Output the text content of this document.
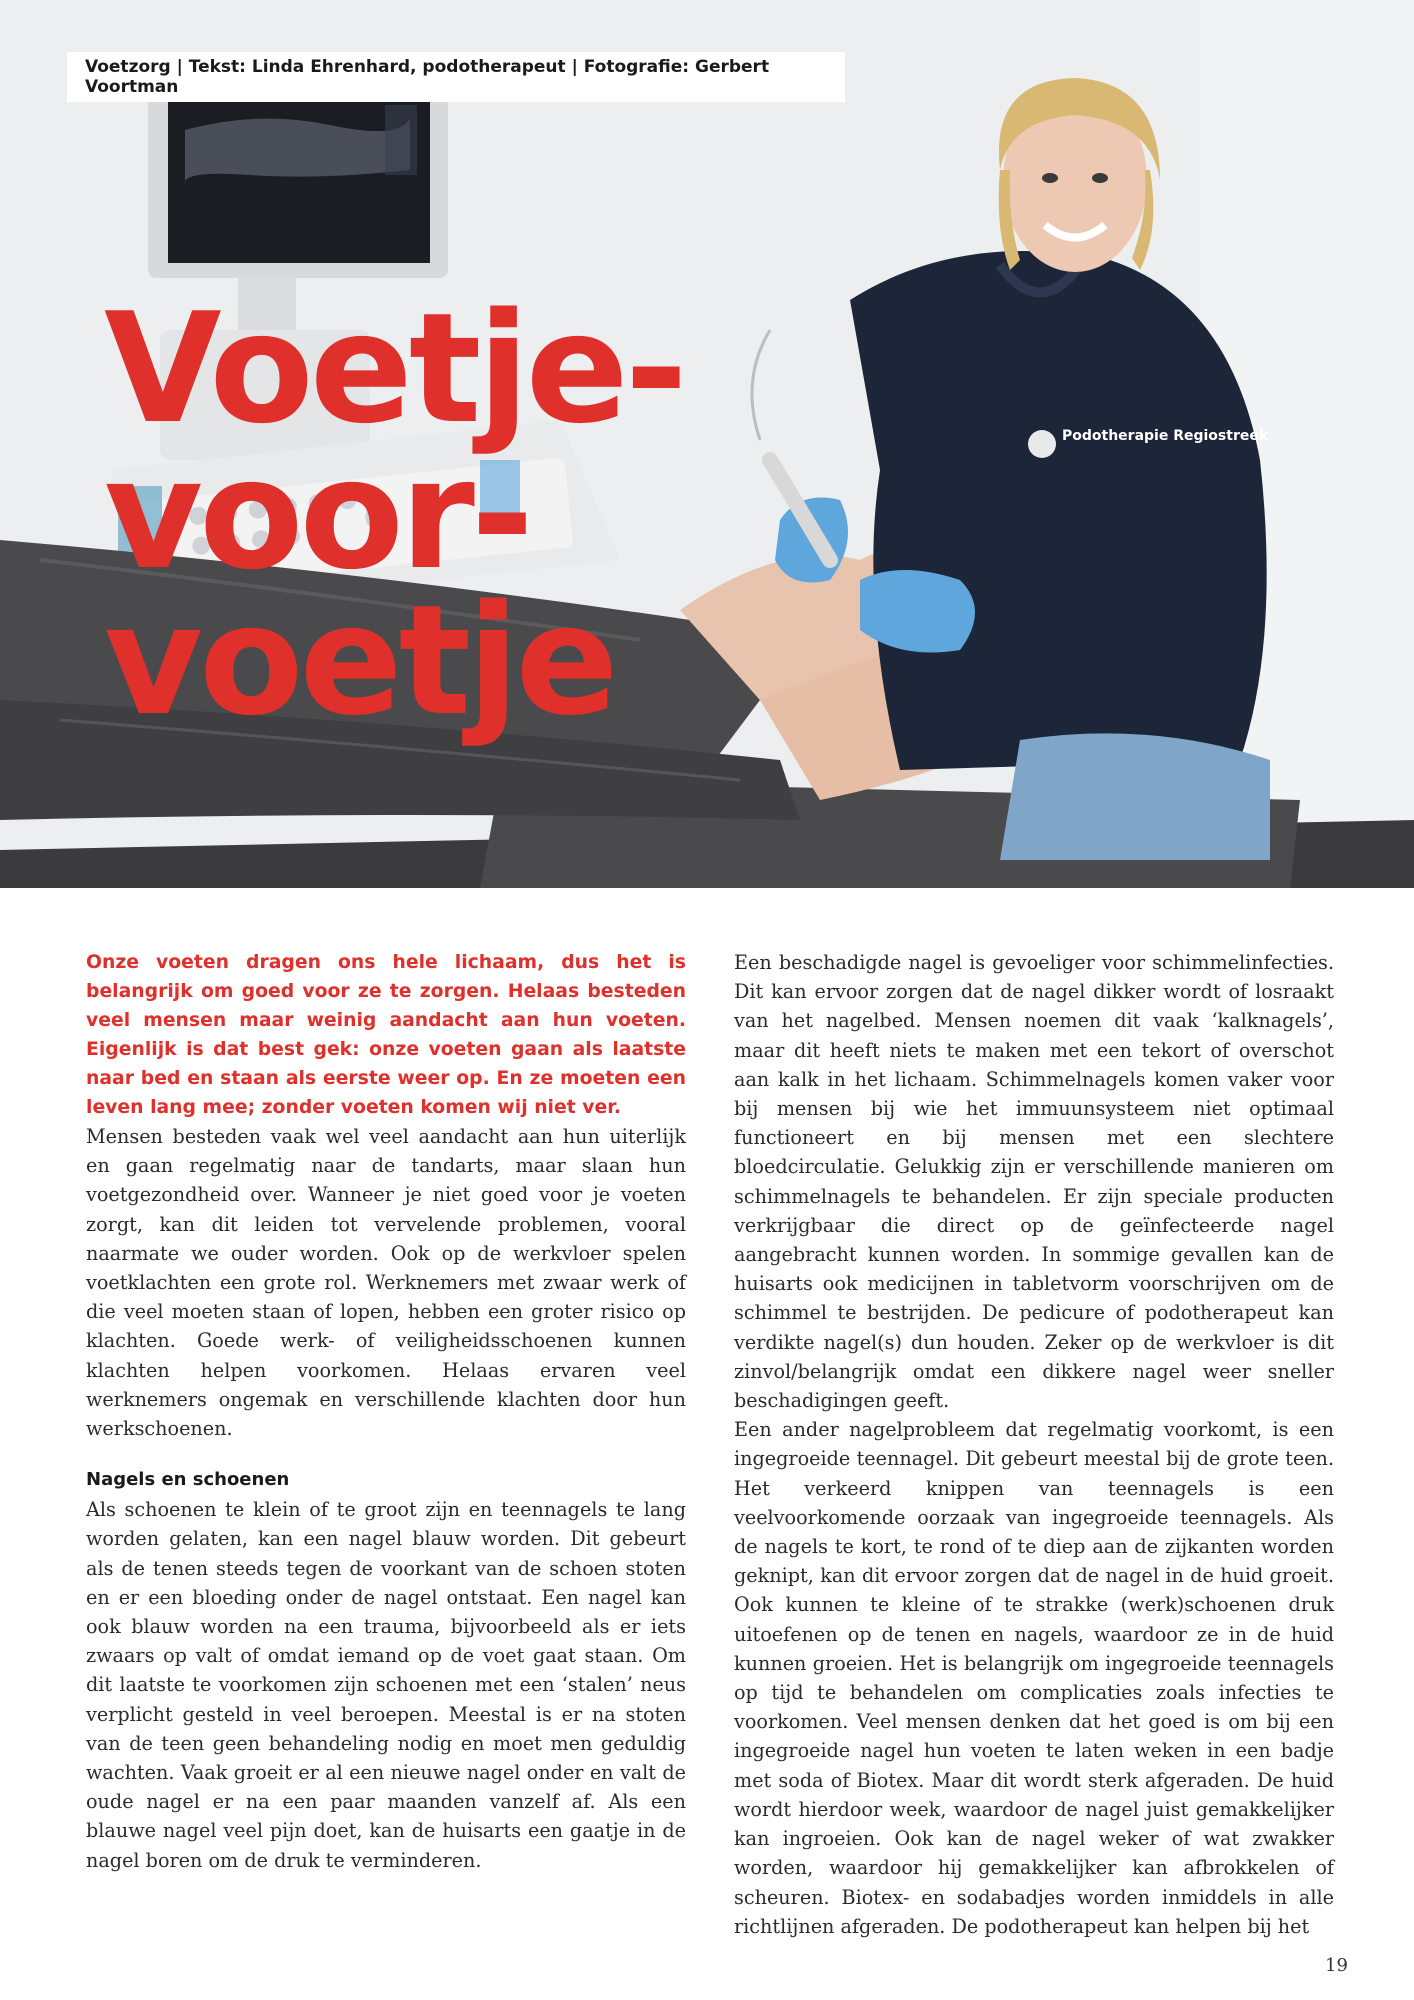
Podotherapie Regiostreek
Voetzorg | Tekst: Linda Ehrenhard, podotherapeut | Fotografie: Gerbert Voortman
Voetje-
voor-
voetje

Onze voeten dragen ons hele lichaam, dus het is belangrijk om goed voor ze te zorgen. Helaas besteden veel mensen maar weinig aandacht aan hun voeten. Eigenlijk is dat best gek: onze voeten gaan als laatste naar bed en staan als eerste weer op. En ze moeten een leven lang mee; zonder voeten komen wij niet ver.

Mensen besteden vaak wel veel aandacht aan hun uiterlijk en gaan regelmatig naar de tandarts, maar slaan hun voetgezondheid over. Wanneer je niet goed voor je voeten zorgt, kan dit leiden tot vervelende problemen, vooral naarmate we ouder worden. Ook op de werkvloer spelen voetklachten een grote rol. Werknemers met zwaar werk of die veel moeten staan of lopen, hebben een groter risico op klachten. Goede werk- of veiligheidsschoenen kunnen klachten helpen voorkomen. Helaas ervaren veel werknemers ongemak en verschillende klachten door hun werkschoenen.

Nagels en schoenen

Als schoenen te klein of te groot zijn en teennagels te lang worden gelaten, kan een nagel blauw worden. Dit gebeurt als de tenen steeds tegen de voorkant van de schoen stoten en er een bloeding onder de nagel ontstaat. Een nagel kan ook blauw worden na een trauma, bijvoorbeeld als er iets zwaars op valt of omdat iemand op de voet gaat staan. Om dit laatste te voorkomen zijn schoenen met een ‘stalen’ neus verplicht gesteld in veel beroepen. Meestal is er na stoten van de teen geen behandeling nodig en moet men geduldig wachten. Vaak groeit er al een nieuwe nagel onder en valt de oude nagel er na een paar maanden vanzelf af. Als een blauwe nagel veel pijn doet, kan de huisarts een gaatje in de nagel boren om de druk te verminderen.

Een beschadigde nagel is gevoeliger voor schimmelinfecties. Dit kan ervoor zorgen dat de nagel dikker wordt of losraakt van het nagelbed. Mensen noemen dit vaak ‘kalknagels’, maar dit heeft niets te maken met een tekort of overschot aan kalk in het lichaam. Schimmelnagels komen vaker voor bij mensen bij wie het immuunsysteem niet optimaal functioneert en bij mensen met een slechtere bloedcirculatie. Gelukkig zijn er verschillende manieren om schimmelnagels te behandelen. Er zijn speciale producten verkrijgbaar die direct op de geïnfecteerde nagel aangebracht kunnen worden. In sommige gevallen kan de huisarts ook medicijnen in tabletvorm voorschrijven om de schimmel te bestrijden. De pedicure of podotherapeut kan verdikte nagel(s) dun houden. Zeker op de werkvloer is dit zinvol/belangrijk omdat een dikkere nagel weer sneller beschadigingen geeft.

Een ander nagelprobleem dat regelmatig voorkomt, is een ingegroeide teennagel. Dit gebeurt meestal bij de grote teen. Het verkeerd knippen van teennagels is een veelvoorkomende oorzaak van ingegroeide teennagels. Als de nagels te kort, te rond of te diep aan de zijkanten worden geknipt, kan dit ervoor zorgen dat de nagel in de huid groeit. Ook kunnen te kleine of te strakke (werk)schoenen druk uitoefenen op de tenen en nagels, waardoor ze in de huid kunnen groeien. Het is belangrijk om ingegroeide teennagels op tijd te behandelen om complicaties zoals infecties te voorkomen. Veel mensen denken dat het goed is om bij een ingegroeide nagel hun voeten te laten weken in een badje met soda of Biotex. Maar dit wordt sterk afgeraden. De huid wordt hierdoor week, waardoor de nagel juist gemakkelijker kan ingroeien. Ook kan de nagel weker of wat zwakker worden, waardoor hij gemakkelijker kan afbrokkelen of scheuren. Biotex- en sodabadjes worden inmiddels in alle richtlijnen afgeraden. De podotherapeut kan helpen bij het

19
